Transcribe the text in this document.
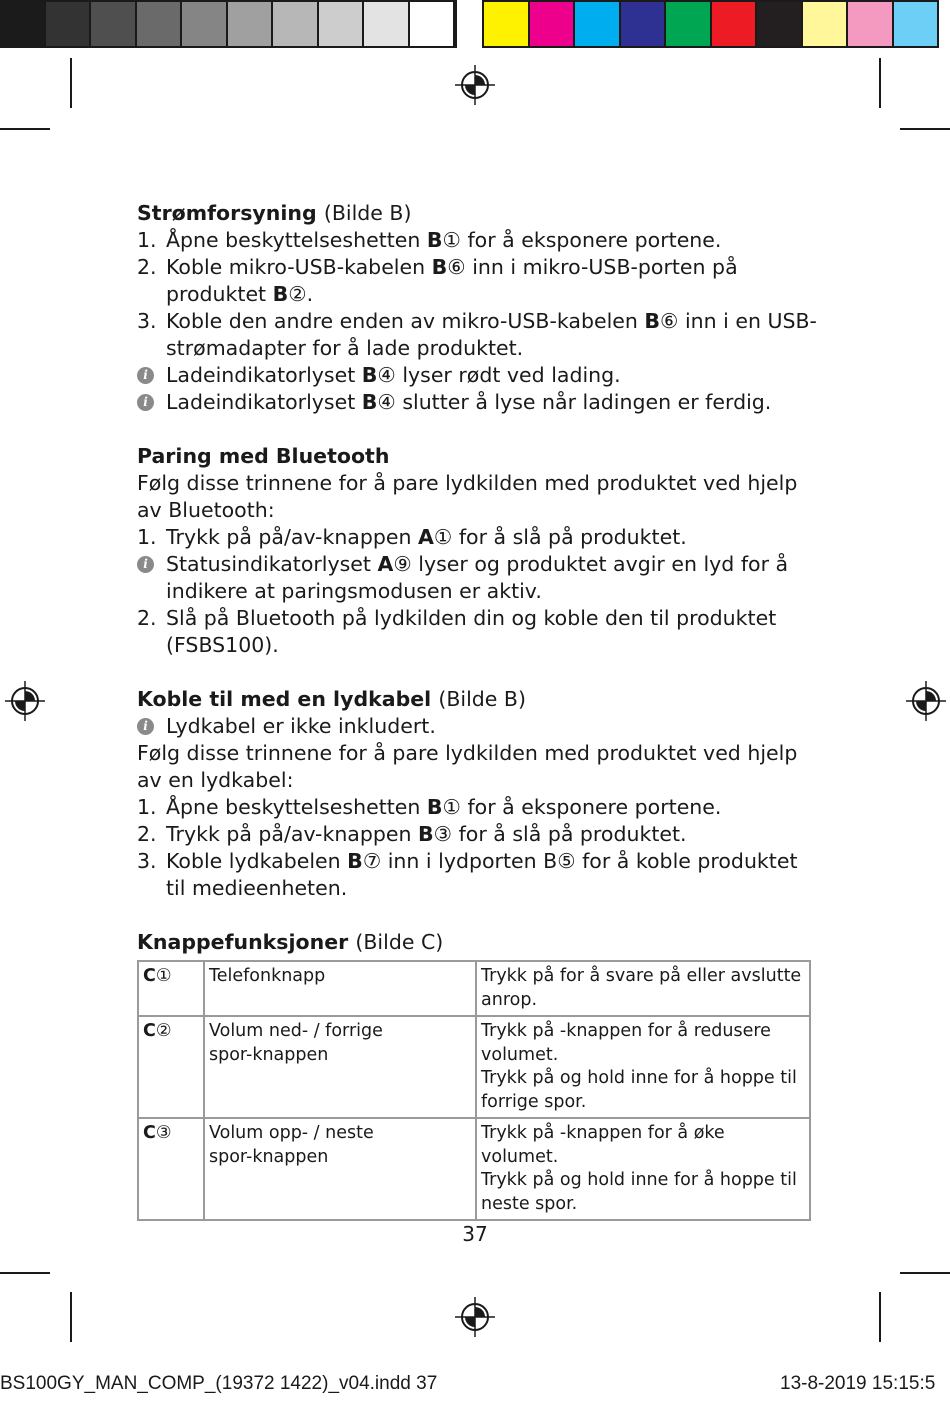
Strømforsyning (Bilde B)
1. Åpne beskyttelseshetten B① for å eksponere portene.
2. Koble mikro-USB-kabelen B⑥ inn i mikro-USB-porten på produktet B②.
3. Koble den andre enden av mikro-USB-kabelen B⑥ inn i en USB-strømadapter for å lade produktet.
i Ladeindikatorlyset B④ lyser rødt ved lading.
i Ladeindikatorlyset B④ slutter å lyse når ladingen er ferdig.
Paring med Bluetooth
Følg disse trinnene for å pare lydkilden med produktet ved hjelp av Bluetooth:
1. Trykk på på/av-knappen A① for å slå på produktet.
i Statusindikatorlyset A⑨ lyser og produktet avgir en lyd for å indikere at paringsmodusen er aktiv.
2. Slå på Bluetooth på lydkilden din og koble den til produktet (FSBS100).
Koble til med en lydkabel (Bilde B)
i Lydkabel er ikke inkludert.
Følg disse trinnene for å pare lydkilden med produktet ved hjelp av en lydkabel:
1. Åpne beskyttelseshetten B① for å eksponere portene.
2. Trykk på på/av-knappen B③ for å slå på produktet.
3. Koble lydkabelen B⑦ inn i lydporten B⑤ for å koble produktet til medieenheten.
Knappefunksjoner (Bilde C)
C①	Telefonknapp	Trykk på for å svare på eller avslutte anrop.
C②	Volum ned- / forrige
spor-knappen	Trykk på -knappen for å redusere volumet.
Trykk på og hold inne for å hoppe til forrige spor.
C③	Volum opp- / neste
spor-knappen	Trykk på -knappen for å øke volumet.
Trykk på og hold inne for å hoppe til neste spor.
37
BS100GY_MAN_COMP_(19372 1422)_v04.indd 37	13-8-2019 15:15:5
